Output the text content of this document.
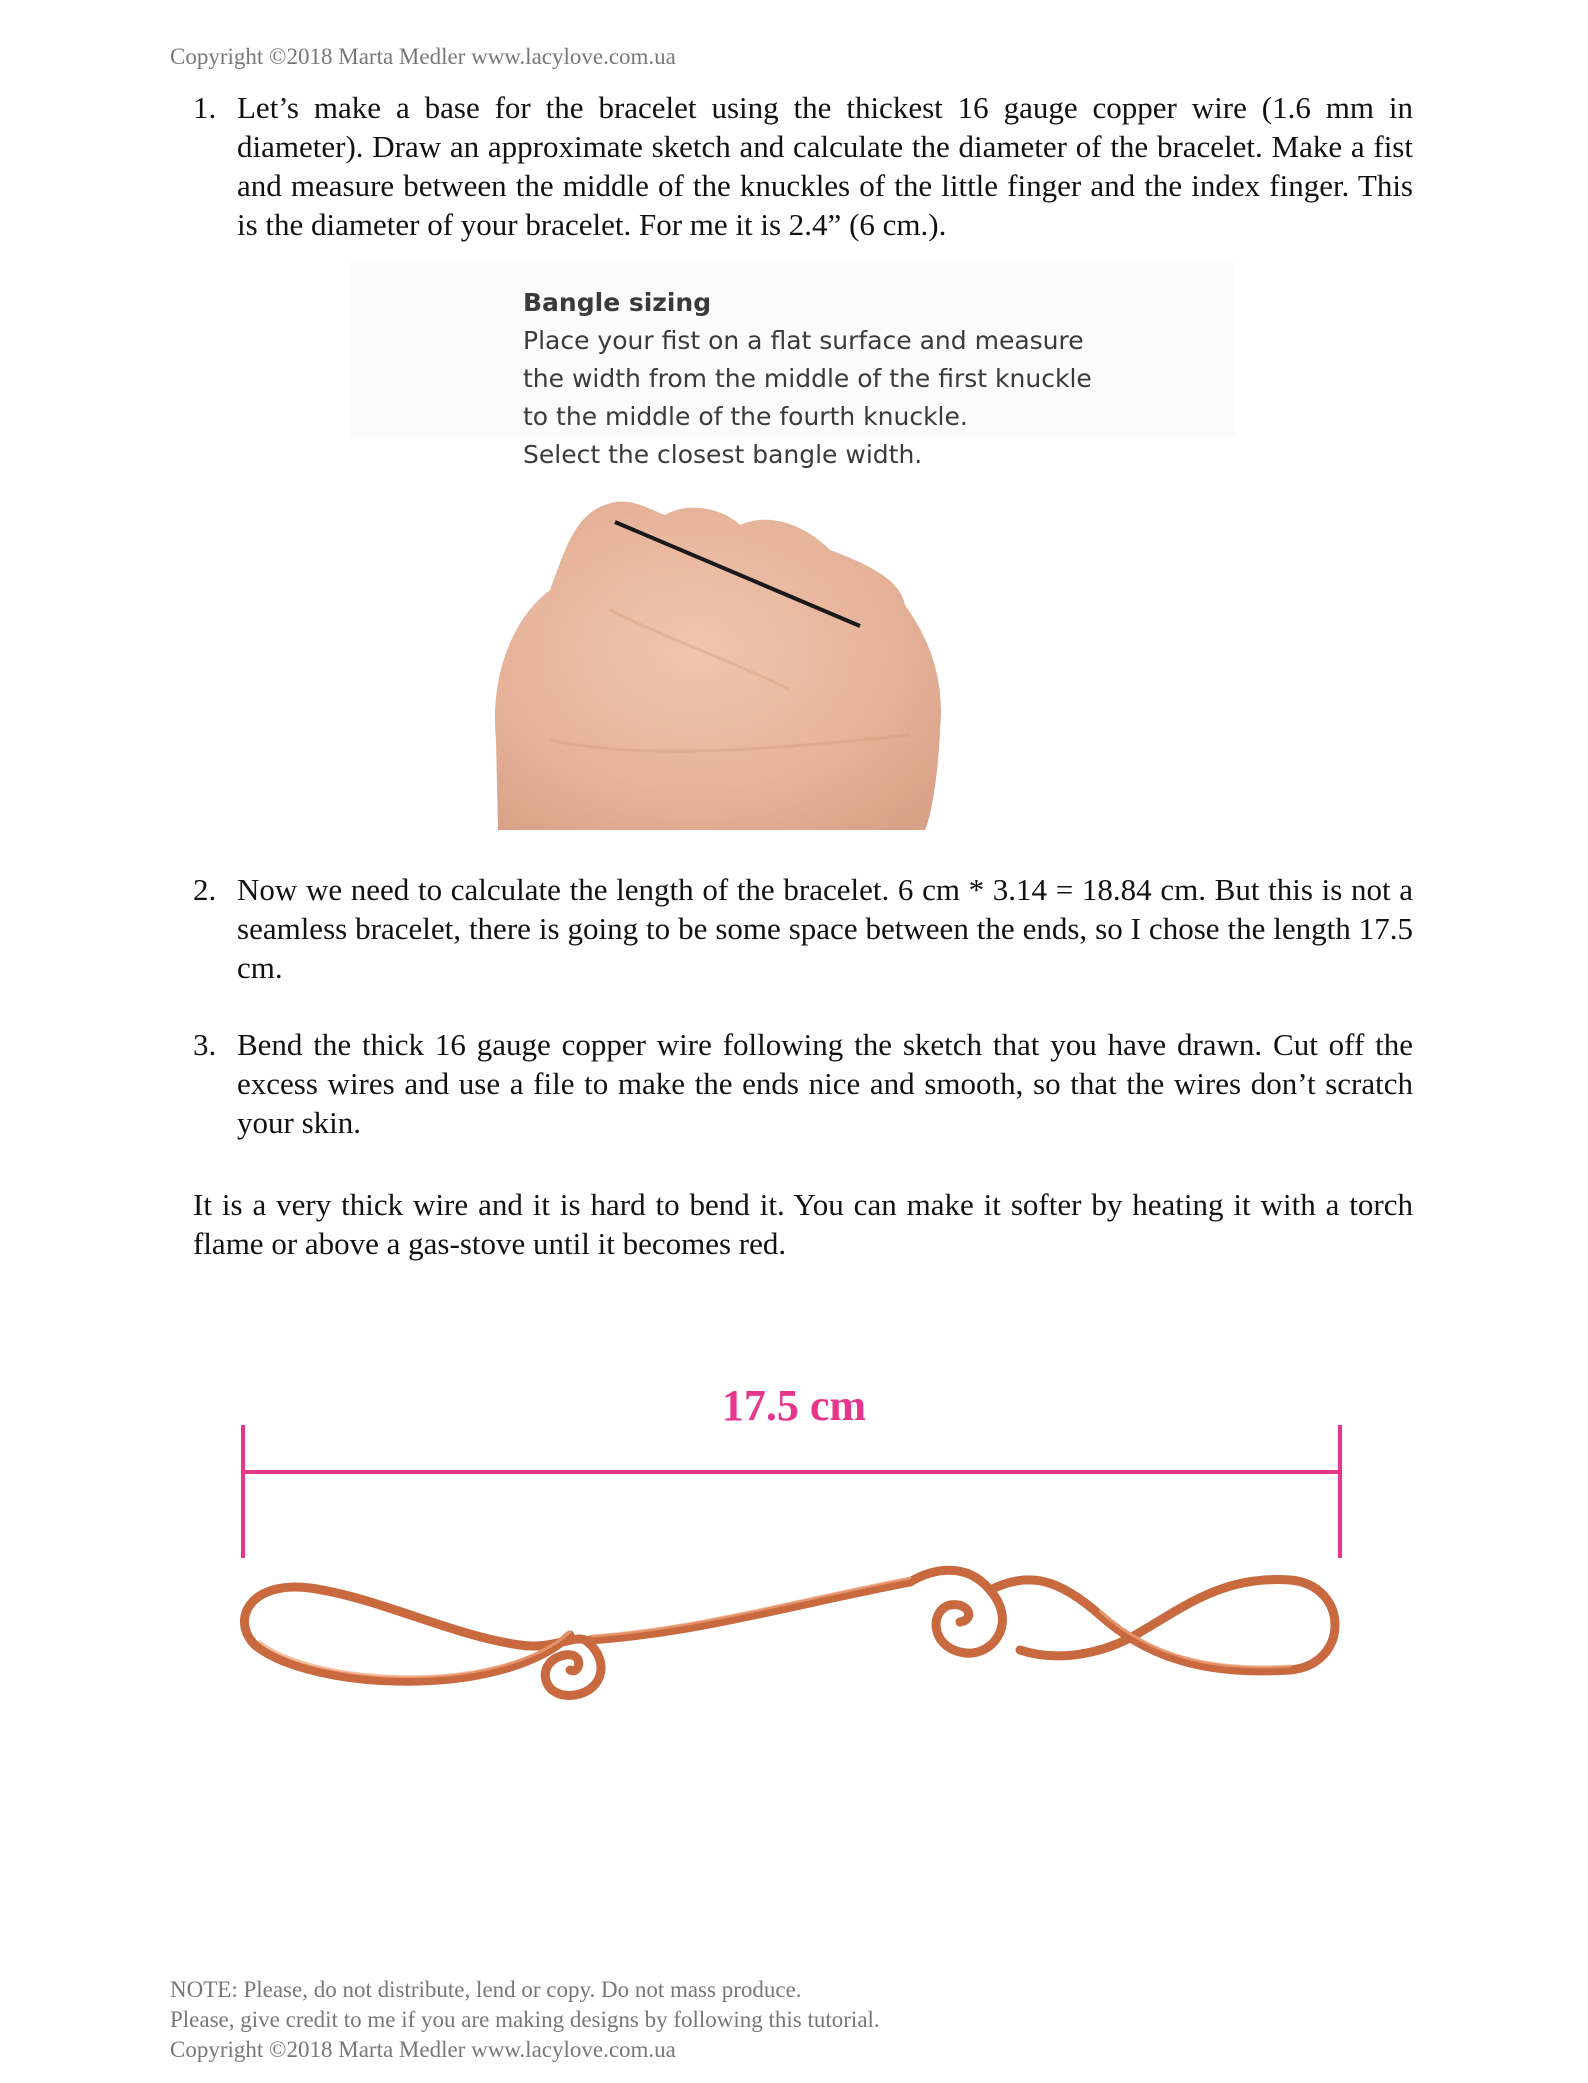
Copyright ©2018 Marta Medler www.lacylove.com.ua
1. Let’s make a base for the bracelet using the thickest 16 gauge copper wire (1.6 mm in diameter). Draw an approximate sketch and calculate the diameter of the bracelet. Make a fist and measure between the middle of the knuckles of the little finger and the index finger. This is the diameter of your bracelet. For me it is 2.4” (6 cm.).
2. Now we need to calculate the length of the bracelet. 6 cm * 3.14 = 18.84 cm. But this is not a seamless bracelet, there is going to be some space between the ends, so I chose the length 17.5 cm.
3. Bend the thick 16 gauge copper wire following the sketch that you have drawn. Cut off the excess wires and use a file to make the ends nice and smooth, so that the wires don’t scratch your skin.
Bangle sizing
Place your fist on a flat surface and measure
the width from the middle of the first knuckle
to the middle of the fourth knuckle.
Select the closest bangle width.
It is a very thick wire and it is hard to bend it. You can make it softer by heating it with a torch flame or above a gas-stove until it becomes red.
17.5 cm
NOTE: Please, do not distribute, lend or copy. Do not mass produce.
Please, give credit to me if you are making designs by following this tutorial.
Copyright ©2018 Marta Medler www.lacylove.com.ua
